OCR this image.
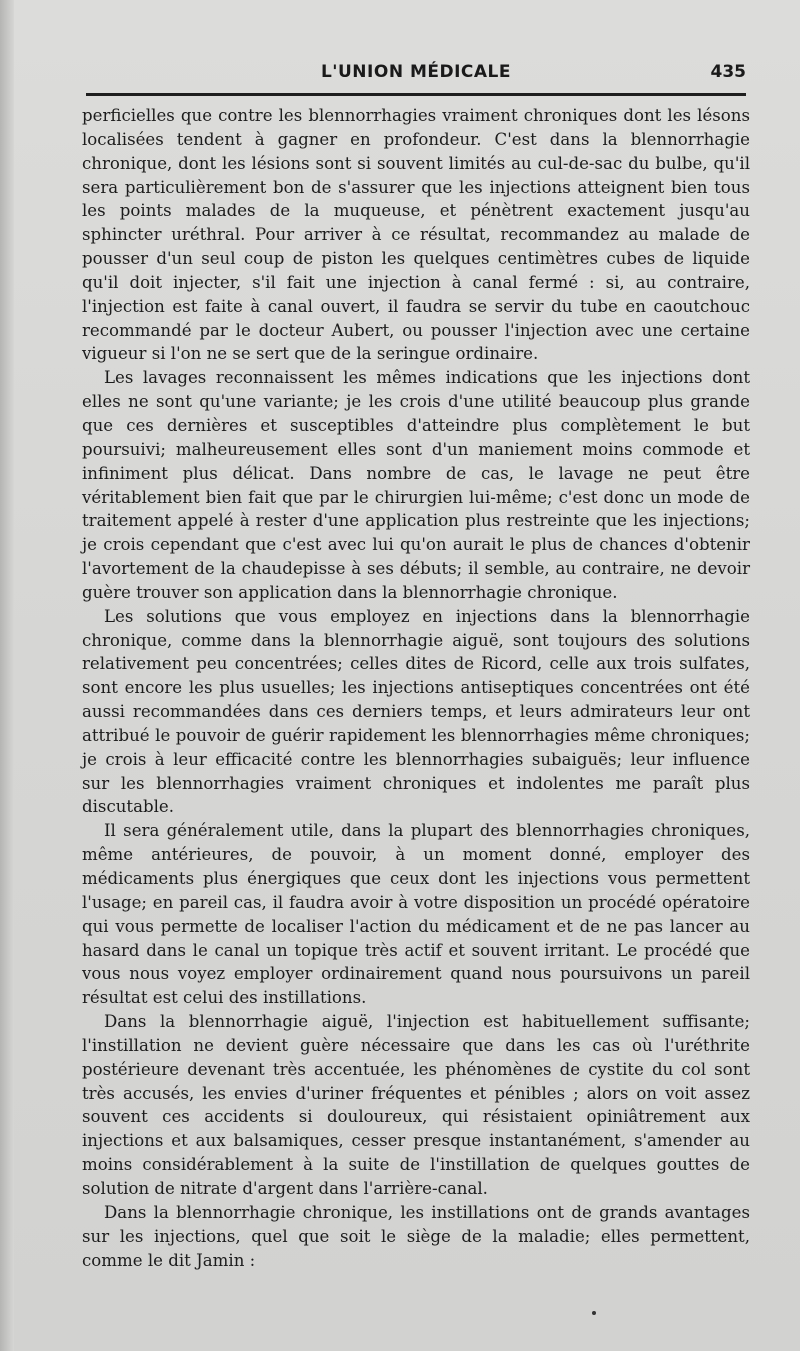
L'UNION MÉDICALE	435

perficielles que contre les blennorrhagies vraiment chroniques dont les lésons localisées tendent à gagner en profondeur. C'est dans la blennorrhagie chronique, dont les lésions sont si souvent limités au cul-de-sac du bulbe, qu'il sera particulièrement bon de s'assurer que les injections atteignent bien tous les points malades de la muqueuse, et pénètrent exactement jusqu'au sphincter uréthral. Pour arriver à ce résultat, recommandez au malade de pousser d'un seul coup de piston les quelques centimètres cubes de liquide qu'il doit injecter, s'il fait une injection à canal fermé : si, au contraire, l'injection est faite à canal ouvert, il faudra se servir du tube en caoutchouc recommandé par le docteur Aubert, ou pousser l'injection avec une certaine vigueur si l'on ne se sert que de la seringue ordinaire.

Les lavages reconnaissent les mêmes indications que les injections dont elles ne sont qu'une variante; je les crois d'une utilité beaucoup plus grande que ces dernières et susceptibles d'atteindre plus complètement le but poursuivi; malheureusement elles sont d'un maniement moins commode et infiniment plus délicat. Dans nombre de cas, le lavage ne peut être véritablement bien fait que par le chirurgien lui-même; c'est donc un mode de traitement appelé à rester d'une application plus restreinte que les injections; je crois cependant que c'est avec lui qu'on aurait le plus de chances d'obtenir l'avortement de la chaudepisse à ses débuts; il semble, au contraire, ne devoir guère trouver son application dans la blennorrhagie chronique.

Les solutions que vous employez en injections dans la blennorrhagie chronique, comme dans la blennorrhagie aiguë, sont toujours des solutions relativement peu concentrées; celles dites de Ricord, celle aux trois sulfates, sont encore les plus usuelles; les injections antiseptiques concentrées ont été aussi recommandées dans ces derniers temps, et leurs admirateurs leur ont attribué le pouvoir de guérir rapidement les blennorrhagies même chroniques; je crois à leur efficacité contre les blennorrhagies subaiguës; leur influence sur les blennorrhagies vraiment chroniques et indolentes me paraît plus discutable.

Il sera généralement utile, dans la plupart des blennorrhagies chroniques, même antérieures, de pouvoir, à un moment donné, employer des médicaments plus énergiques que ceux dont les injections vous permettent l'usage; en pareil cas, il faudra avoir à votre disposition un procédé opératoire qui vous permette de localiser l'action du médicament et de ne pas lancer au hasard dans le canal un topique très actif et souvent irritant. Le procédé que vous nous voyez employer ordinairement quand nous poursuivons un pareil résultat est celui des instillations.

Dans la blennorrhagie aiguë, l'injection est habituellement suffisante; l'instillation ne devient guère nécessaire que dans les cas où l'uréthrite postérieure devenant très accentuée, les phénomènes de cystite du col sont très accusés, les envies d'uriner fréquentes et pénibles ; alors on voit assez souvent ces accidents si douloureux, qui résistaient opiniâtrement aux injections et aux balsamiques, cesser presque instantanément, s'amender au moins considérablement à la suite de l'instillation de quelques gouttes de solution de nitrate d'argent dans l'arrière-canal.

Dans la blennorrhagie chronique, les instillations ont de grands avantages sur les injections, quel que soit le siège de la maladie; elles permettent, comme le dit Jamin :
